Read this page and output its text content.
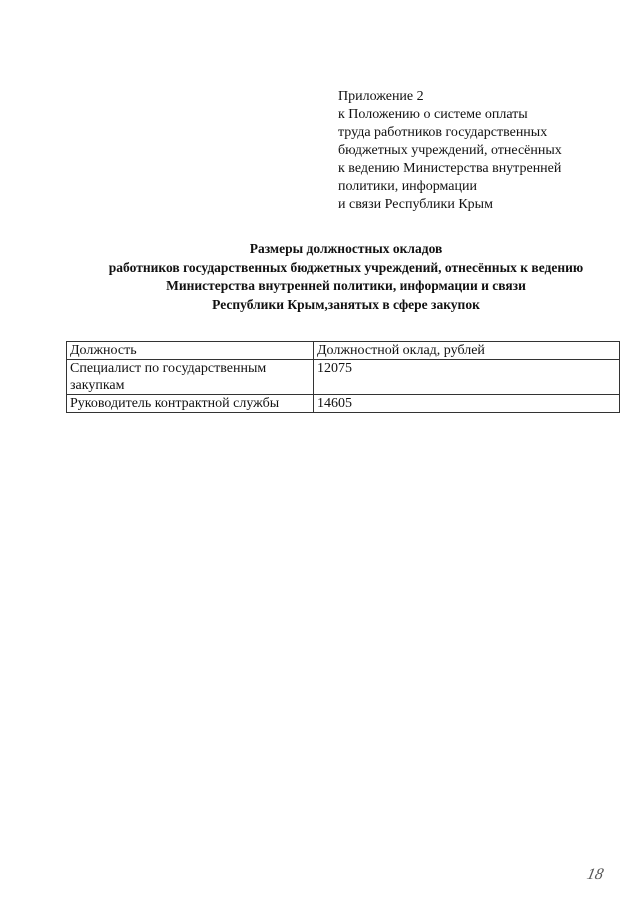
Приложение 2
к Положению о системе оплаты
труда работников государственных
бюджетных учреждений, отнесённых
к ведению Министерства внутренней
политики, информации
и связи Республики Крым
Размеры должностных окладов
работников государственных бюджетных учреждений, отнесённых к ведению
Министерства внутренней политики, информации и связи
Республики Крым,занятых в сфере закупок
Должность	Должностной оклад, рублей
Специалист по государственным закупкам	12075
Руководитель контрактной службы	14605
18
